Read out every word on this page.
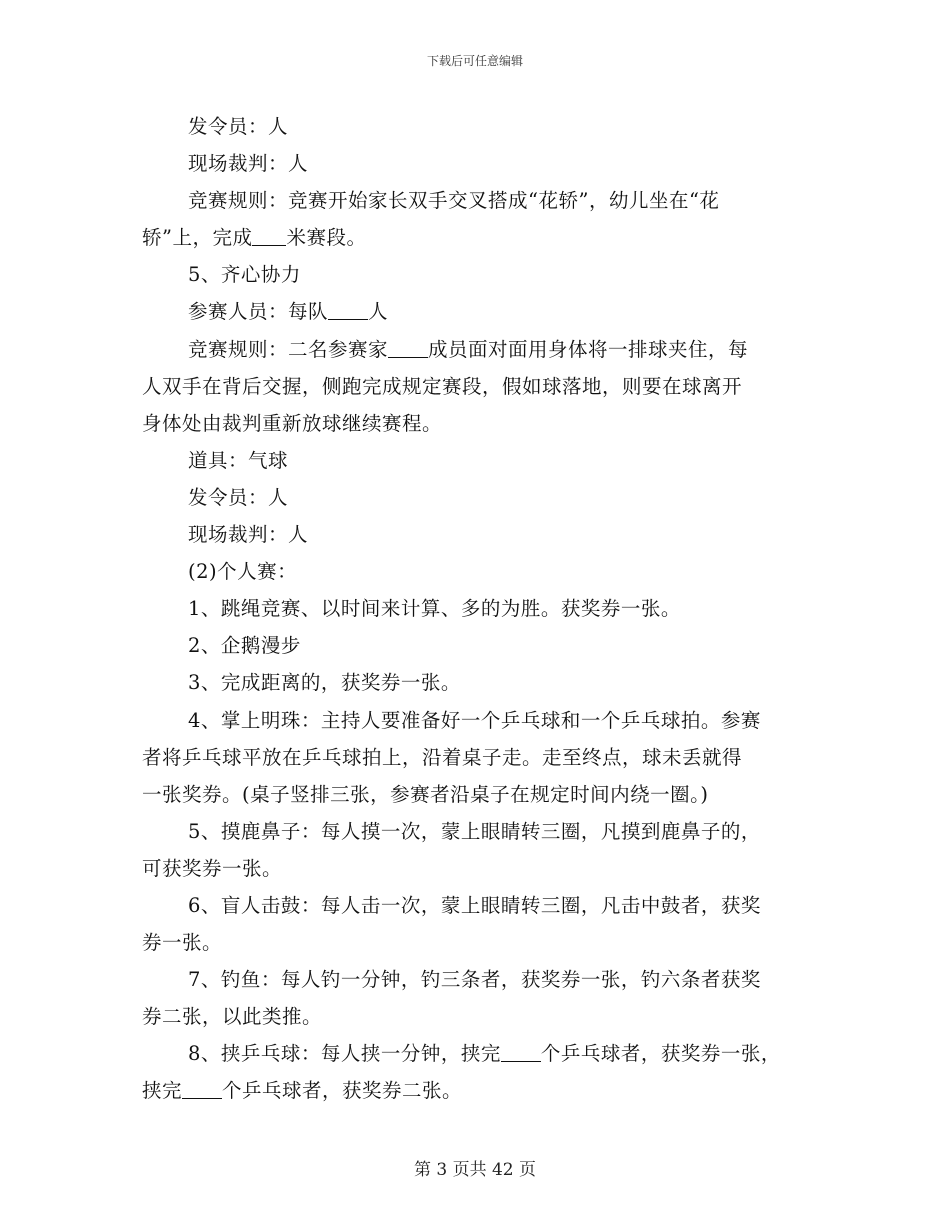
下载后可任意编辑
发令员：人
现场裁判：人
竞赛规则：竞赛开始家长双手交叉搭成“花轿”，幼儿坐在“花
轿”上，完成 米赛段。
5、齐心协力
参赛人员：每队 人
竞赛规则：二名参赛家 成员面对面用身体将一排球夹住，每
人双手在背后交握，侧跑完成规定赛段，假如球落地，则要在球离开
身体处由裁判重新放球继续赛程。
道具：气球
发令员：人
现场裁判：人
(2)个人赛：
1、跳绳竞赛、以时间来计算、多的为胜。获奖券一张。
2、企鹅漫步
3、完成距离的，获奖券一张。
4、掌上明珠：主持人要准备好一个乒乓球和一个乒乓球拍。参赛
者将乒乓球平放在乒乓球拍上，沿着桌子走。走至终点，球未丢就得
一张奖券。(桌子竖排三张，参赛者沿桌子在规定时间内绕一圈。)
5、摸鹿鼻子：每人摸一次，蒙上眼睛转三圈，凡摸到鹿鼻子的，
可获奖券一张。
6、盲人击鼓：每人击一次，蒙上眼睛转三圈，凡击中鼓者，获奖
券一张。
7、钓鱼：每人钓一分钟，钓三条者，获奖券一张，钓六条者获奖
券二张，以此类推。
8、挟乒乓球：每人挟一分钟，挟完 个乒乓球者，获奖券一张，
挟完 个乒乓球者，获奖券二张。
第 3 页共 42 页
